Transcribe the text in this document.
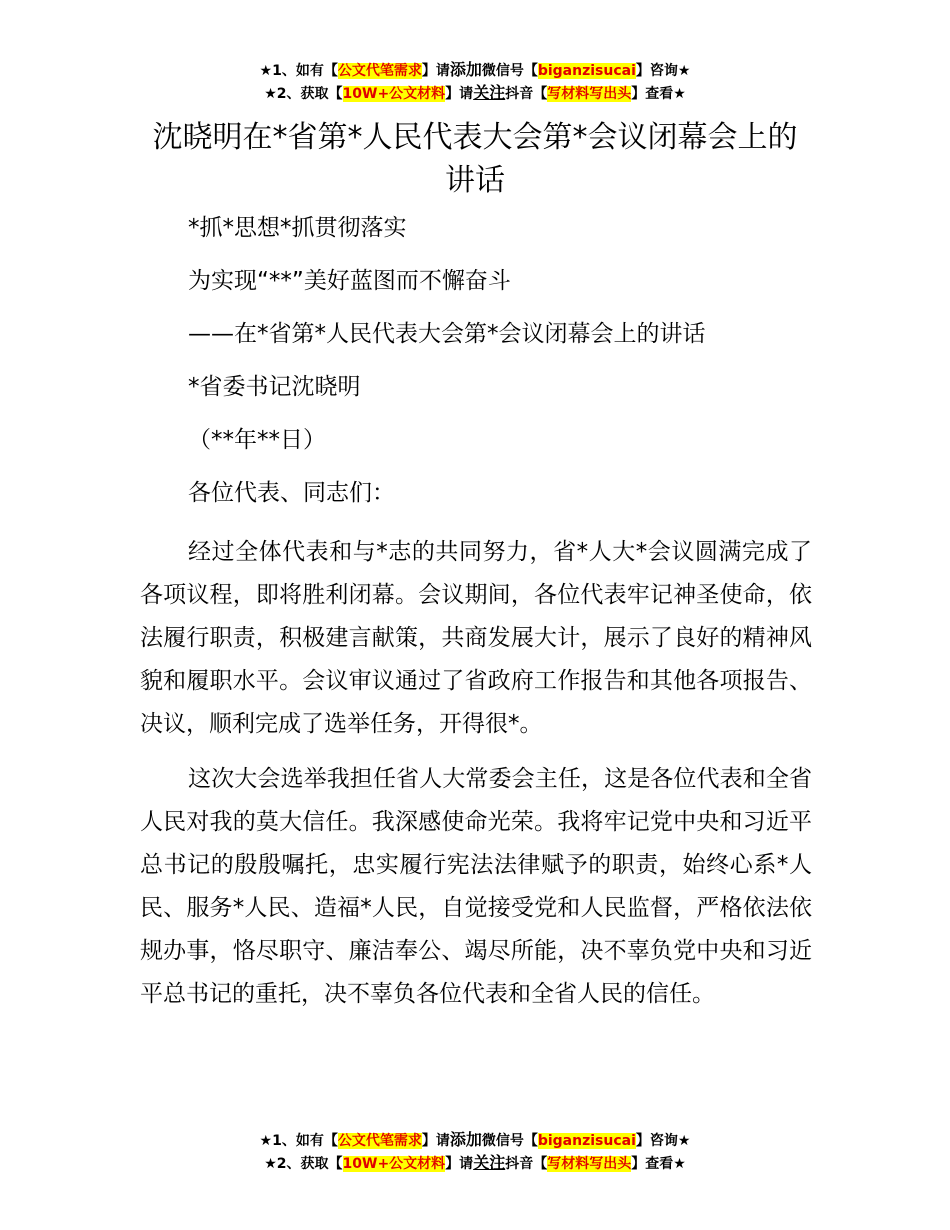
★1、如有【公文代笔需求】请添加微信号【biganzisucai】咨询★
★2、获取【10W+公文材料】请关注抖音【写材料写出头】查看★
沈晓明在*省第*人民代表大会第*会议闭幕会上的讲话

*抓*思想*抓贯彻落实

为实现“**”美好蓝图而不懈奋斗

——在*省第*人民代表大会第*会议闭幕会上的讲话

*省委书记沈晓明

（**年**日）

各位代表、同志们：

经过全体代表和与*志的共同努力，省*人大*会议圆满完成了各项议程，即将胜利闭幕。会议期间，各位代表牢记神圣使命，依法履行职责，积极建言献策，共商发展大计，展示了良好的精神风貌和履职水平。会议审议通过了省政府工作报告和其他各项报告、决议，顺利完成了选举任务，开得很*。

这次大会选举我担任省人大常委会主任，这是各位代表和全省人民对我的莫大信任。我深感使命光荣。我将牢记党中央和习近平总书记的殷殷嘱托，忠实履行宪法法律赋予的职责，始终心系*人民、服务*人民、造福*人民，自觉接受党和人民监督，严格依法依规办事，恪尽职守、廉洁奉公、竭尽所能，决不辜负党中央和习近平总书记的重托，决不辜负各位代表和全省人民的信任。

★1、如有【公文代笔需求】请添加微信号【biganzisucai】咨询★
★2、获取【10W+公文材料】请关注抖音【写材料写出头】查看★
